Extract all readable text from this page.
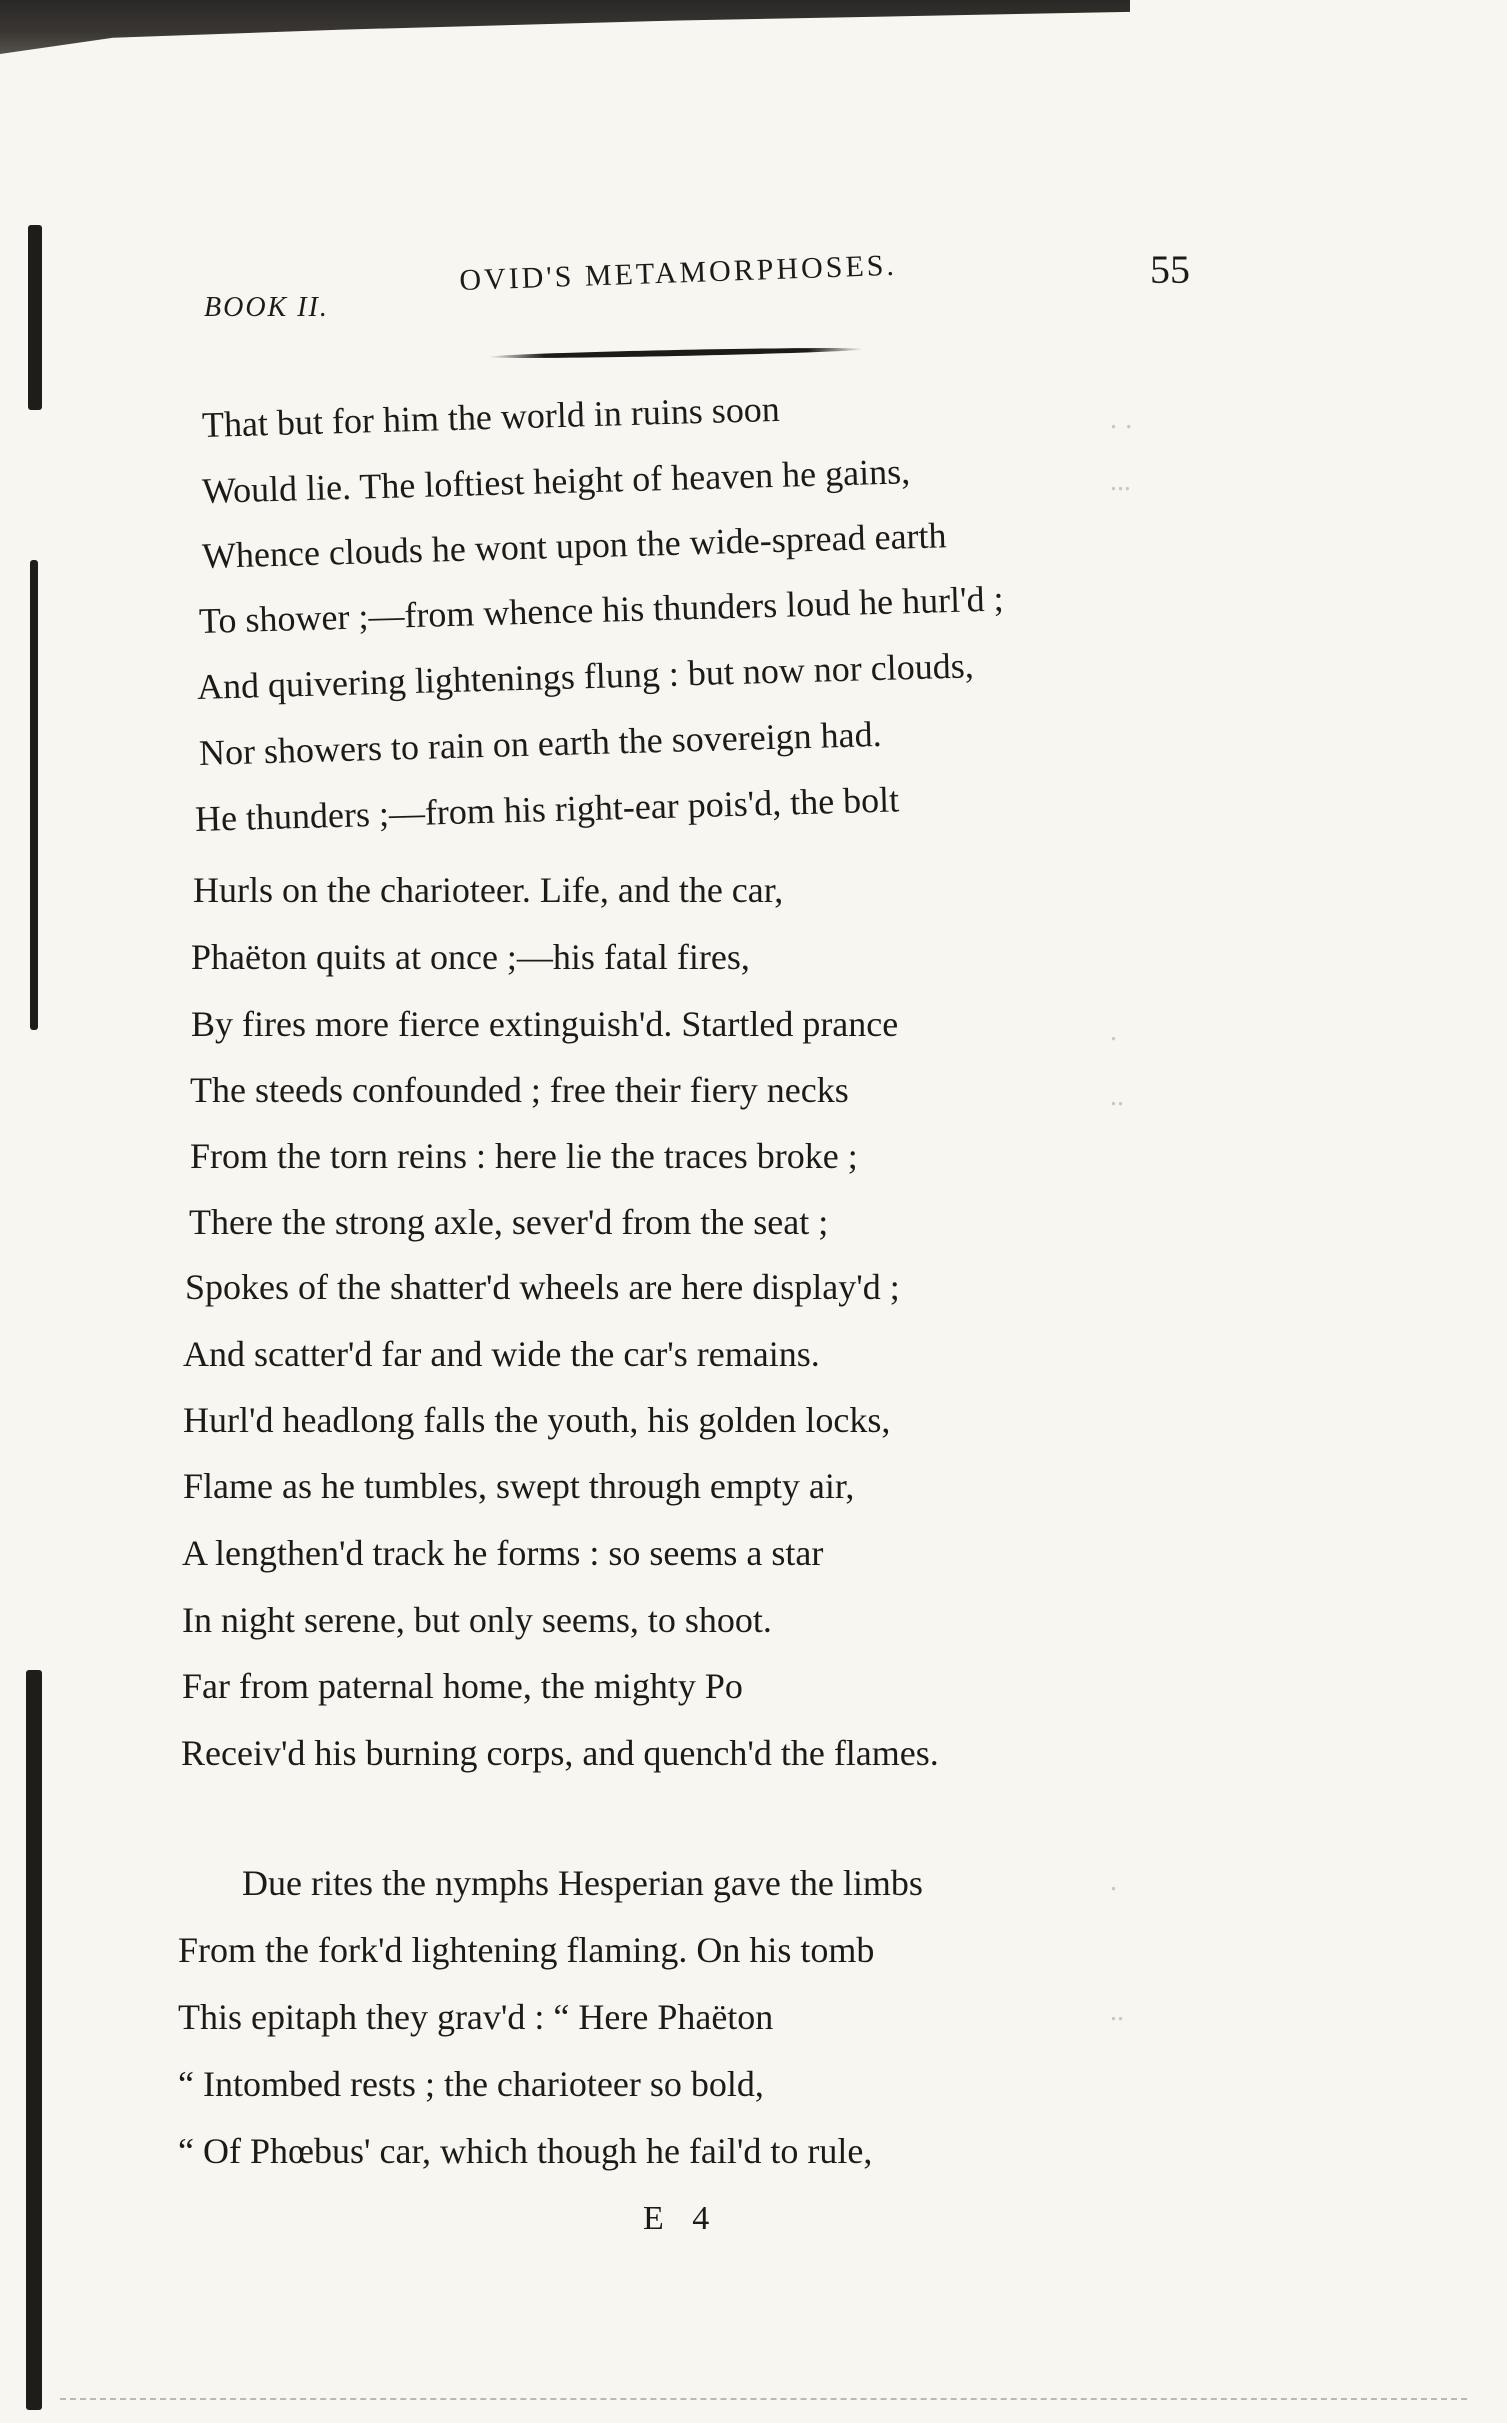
BOOK II.
OVID'S METAMORPHOSES.	55
That but for him the world in ruins soon
Would lie. The loftiest height of heaven he gains,
Whence clouds he wont upon the wide-spread earth
To shower ;—from whence his thunders loud he hurl'd ;
And quivering lightenings flung : but now nor clouds,
Nor showers to rain on earth the sovereign had.
He thunders ;—from his right-ear pois'd, the bolt
Hurls on the charioteer. Life, and the car,
Phaëton quits at once ;—his fatal fires,
By fires more fierce extinguish'd. Startled prance
The steeds confounded ; free their fiery necks
From the torn reins : here lie the traces broke ;
There the strong axle, sever'd from the seat ;
Spokes of the shatter'd wheels are here display'd ;
And scatter'd far and wide the car's remains.
Hurl'd headlong falls the youth, his golden locks,
Flame as he tumbles, swept through empty air,
A lengthen'd track he forms : so seems a star
In night serene, but only seems, to shoot.
Far from paternal home, the mighty Po
Receiv'd his burning corps, and quench'd the flames.
Due rites the nymphs Hesperian gave the limbs
From the fork'd lightening flaming. On his tomb
This epitaph they grav'd : “ Here Phaëton
“ Intombed rests ; the charioteer so bold,
“ Of Phœbus' car, which though he fail'd to rule,
E 4
⸱ ⸱
⸱⸱⸱
⸱
⸱⸱
⸱
⸱⸱
